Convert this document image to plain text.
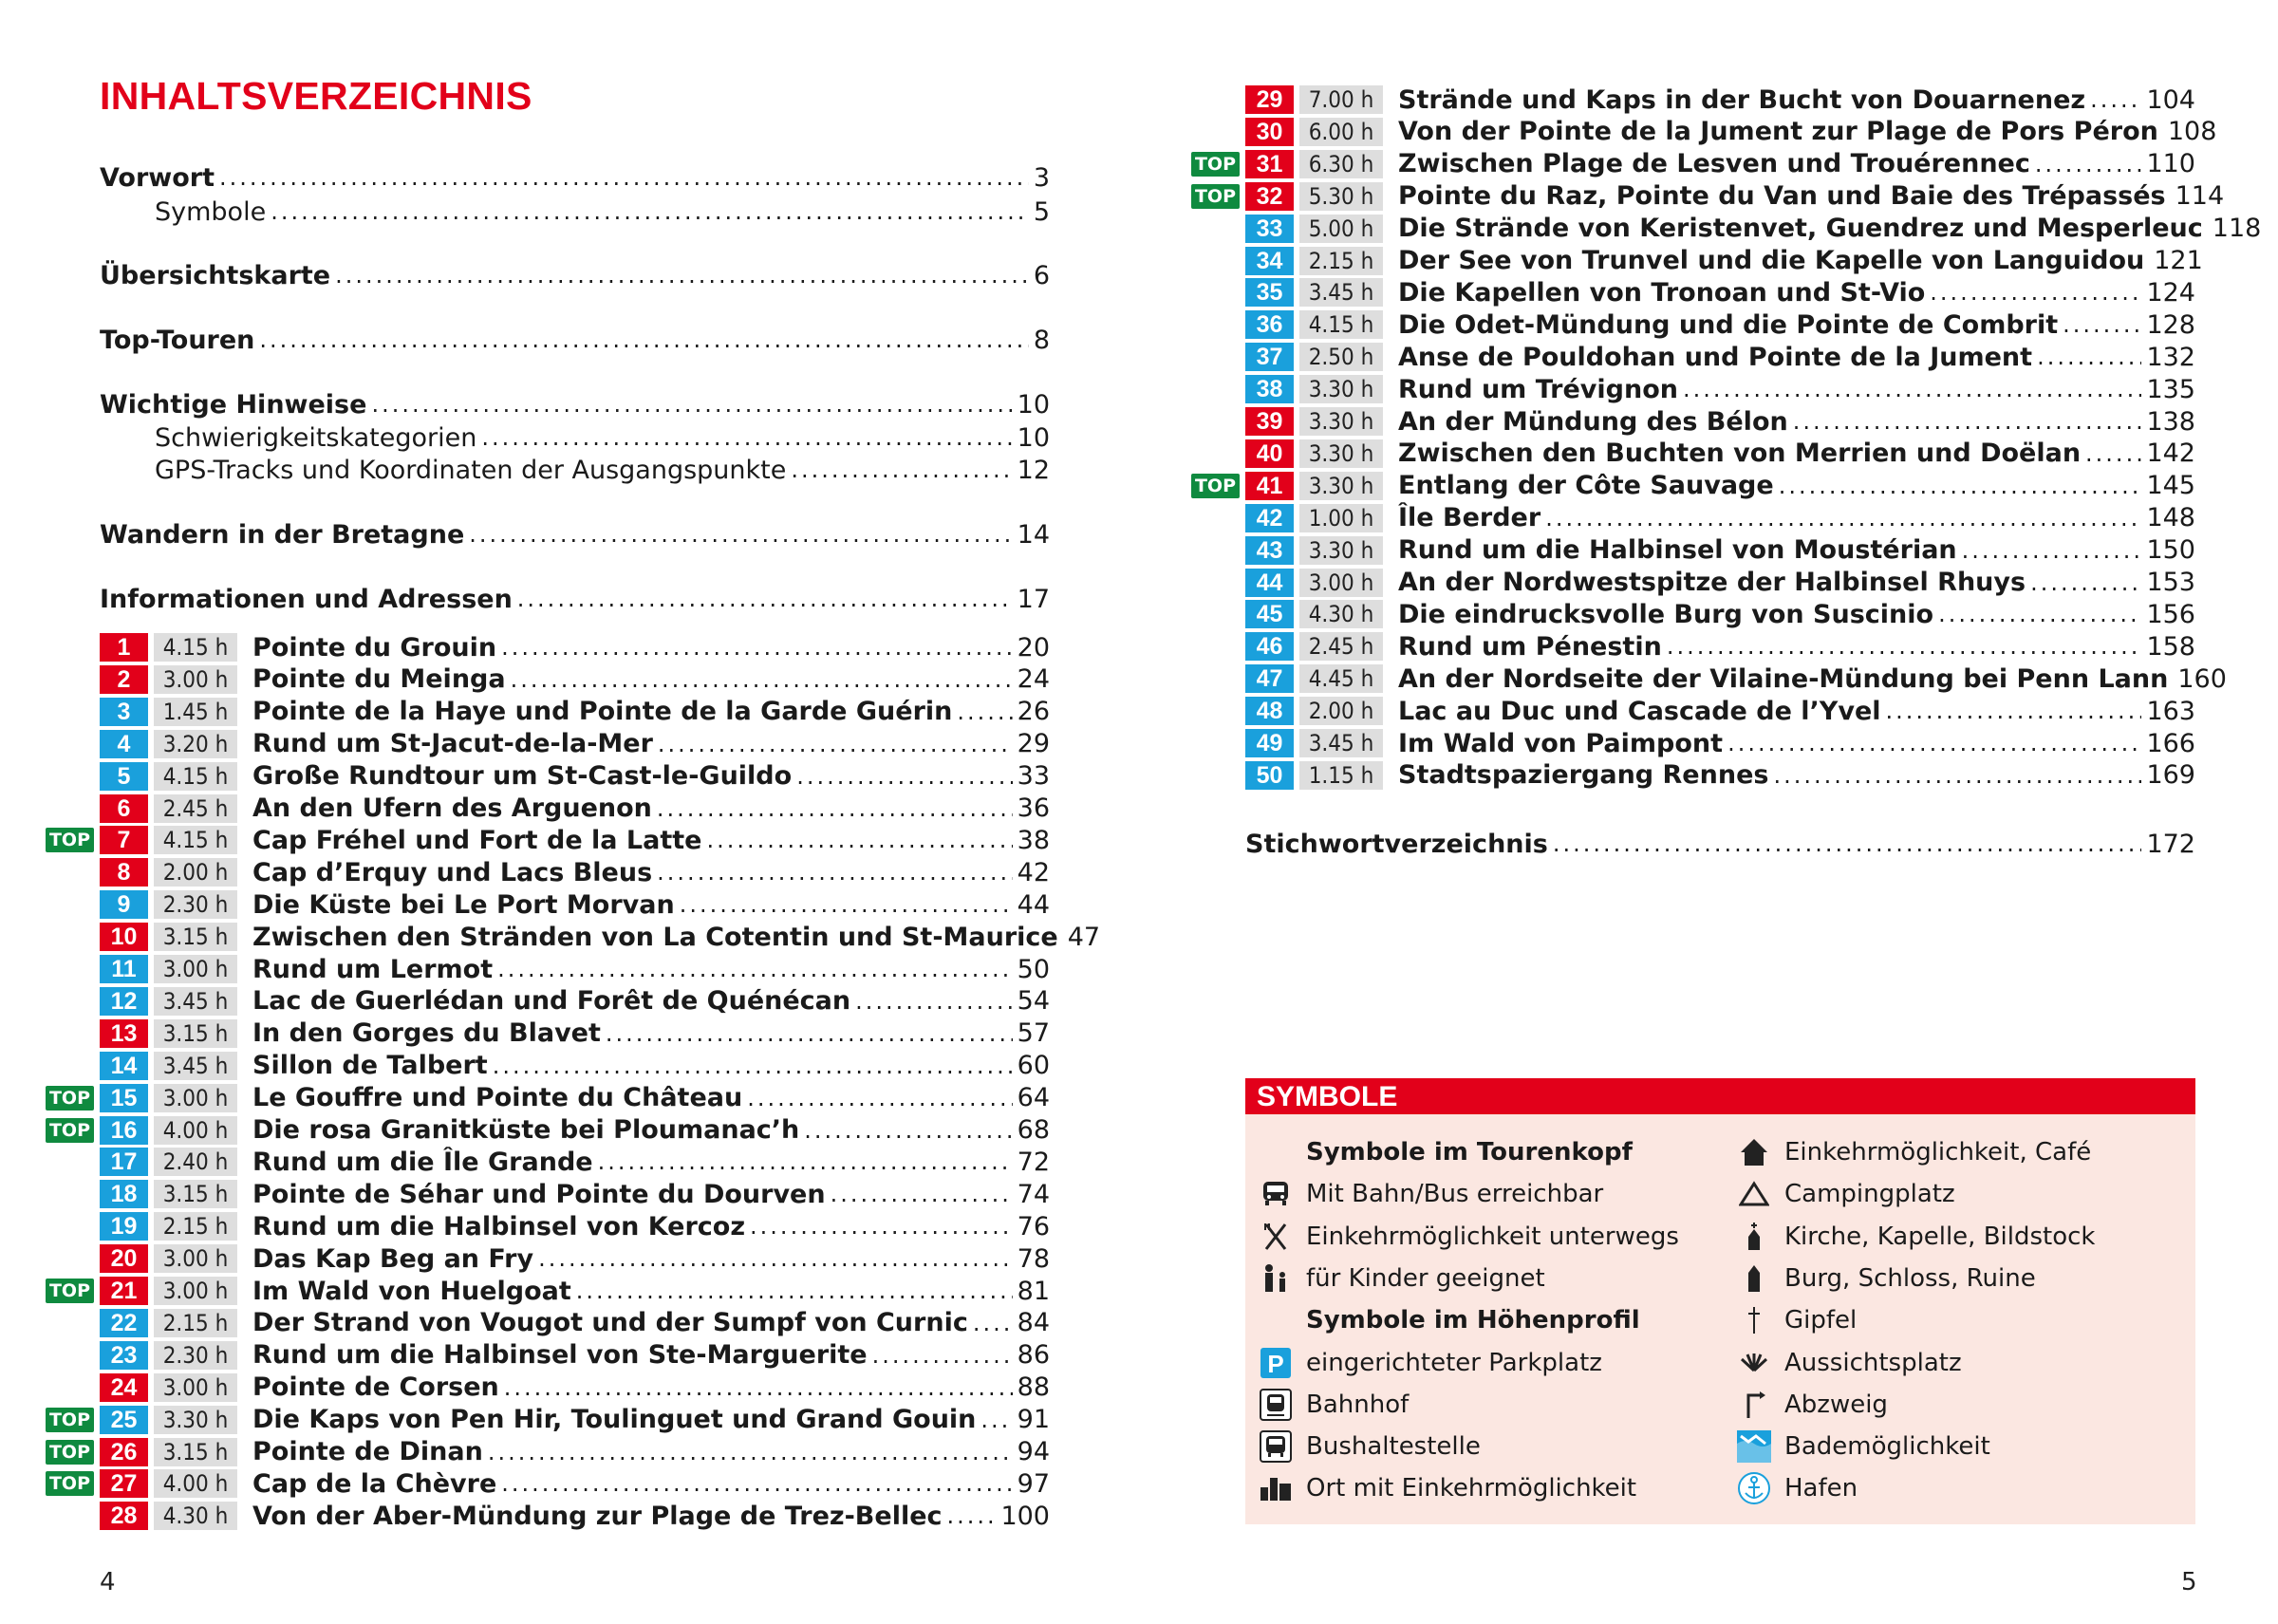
INHALTSVERZEICHNIS
Vorwort .....	3
Symbole .....	5
Übersichtskarte .....	6
Top-Touren .....	8
Wichtige Hinweise .....	10
Schwierigkeitskategorien .....	10
GPS-Tracks und Koordinaten der Ausgangspunkte .....	12
Wandern in der Bretagne .....	14
Informationen und Adressen .....	17
1	4.15 h Pointe du Grouin .....	20
2	3.00 h Pointe du Meinga .....	24
3	1.45 h Pointe de la Haye und Pointe de la Garde Guérin .....	26
4	3.20 h Rund um St-Jacut-de-la-Mer .....	29
5	4.15 h Große Rundtour um St-Cast-le-Guildo .....	33
6	2.45 h An den Ufern des Arguenon .....	36
7	4.15 h Cap Fréhel und Fort de la Latte .....	38
TOP
8	2.00 h Cap d’Erquy und Lacs Bleus .....	42
9	2.30 h Die Küste bei Le Port Morvan .....	44
10	3.15 h Zwischen den Stränden von La Cotentin und St-Maurice 47
11	3.00 h Rund um Lermot .....	50
12	3.45 h Lac de Guerlédan und Forêt de Quénécan .....	54
13	3.15 h In den Gorges du Blavet .....	57
14	3.45 h Sillon de Talbert .....	60
15	3.00 h Le Gouffre und Pointe du Château .....	64
TOP
16	4.00 h Die rosa Granitküste bei Ploumanac’h .....	68
TOP
17	2.40 h Rund um die Île Grande .....	72
18	3.15 h Pointe de Séhar und Pointe du Dourven .....	74
19	2.15 h Rund um die Halbinsel von Kercoz .....	76
20	3.00 h Das Kap Beg an Fry .....	78
21	3.00 h Im Wald von Huelgoat .....	81
TOP
22	2.15 h Der Strand von Vougot und der Sumpf von Curnic ..... 84
23	2.30 h Rund um die Halbinsel von Ste-Marguerite .....	86
24	3.00 h Pointe de Corsen .....	88
25	3.30 h Die Kaps von Pen Hir, Toulinguet und Grand Gouin ..... 91
TOP
26	3.15 h Pointe de Dinan .....	94
TOP
27	4.00 h Cap de la Chèvre .....	97
TOP
28	4.30 h Von der Aber-Mündung zur Plage de Trez-Bellec ..... 100
4
29	7.00 h Strände und Kaps in der Bucht von Douarnenez ..... 104
30	6.00 h Von der Pointe de la Jument zur Plage de Pors Péron 108
31	6.30 h Zwischen Plage de Lesven und Trouérennec .....	110
TOP
32	5.30 h Pointe du Raz, Pointe du Van und Baie des Trépassés 114
TOP
33	5.00 h Die Strände von Keristenvet, Guendrez und Mesperleuc 118
34	2.15 h Der See von Trunvel und die Kapelle von Languidou 121
35	3.45 h Die Kapellen von Tronoan und St-Vio .....	124
36	4.15 h Die Odet-Mündung und die Pointe de Combrit .....	128
37	2.50 h Anse de Pouldohan und Pointe de la Jument .....	132
38	3.30 h Rund um Trévignon .....	135
39	3.30 h An der Mündung des Bélon .....	138
40	3.30 h Zwischen den Buchten von Merrien und Doëlan .....	142
41	3.30 h Entlang der Côte Sauvage .....	145
TOP
42	1.00 h Île Berder .....	148
43	3.30 h Rund um die Halbinsel von Moustérian .....	150
44	3.00 h An der Nordwestspitze der Halbinsel Rhuys .....	153
45	4.30 h Die eindrucksvolle Burg von Suscinio .....	156
46	2.45 h Rund um Pénestin .....	158
47	4.45 h An der Nordseite der Vilaine-Mündung bei Penn Lann 160
48	2.00 h Lac au Duc und Cascade de l’Yvel .....	163
49	3.45 h Im Wald von Paimpont .....	166
50	1.15 h Stadtspaziergang Rennes .....	169
Stichwortverzeichnis .....	172
5
SYMBOLE
Symbole im Tourenkopf
Mit Bahn/Bus erreichbar
Einkehrmöglichkeit unterwegs
für Kinder geeignet
Symbole im Höhenprofil
P eingerichteter Parkplatz
Bahnhof
Bushaltestelle
Ort mit Einkehrmöglichkeit
Einkehrmöglichkeit, Café
Campingplatz
Kirche, Kapelle, Bildstock
Burg, Schloss, Ruine
Gipfel
Aussichtsplatz
Abzweig
Bademöglichkeit
Hafen
